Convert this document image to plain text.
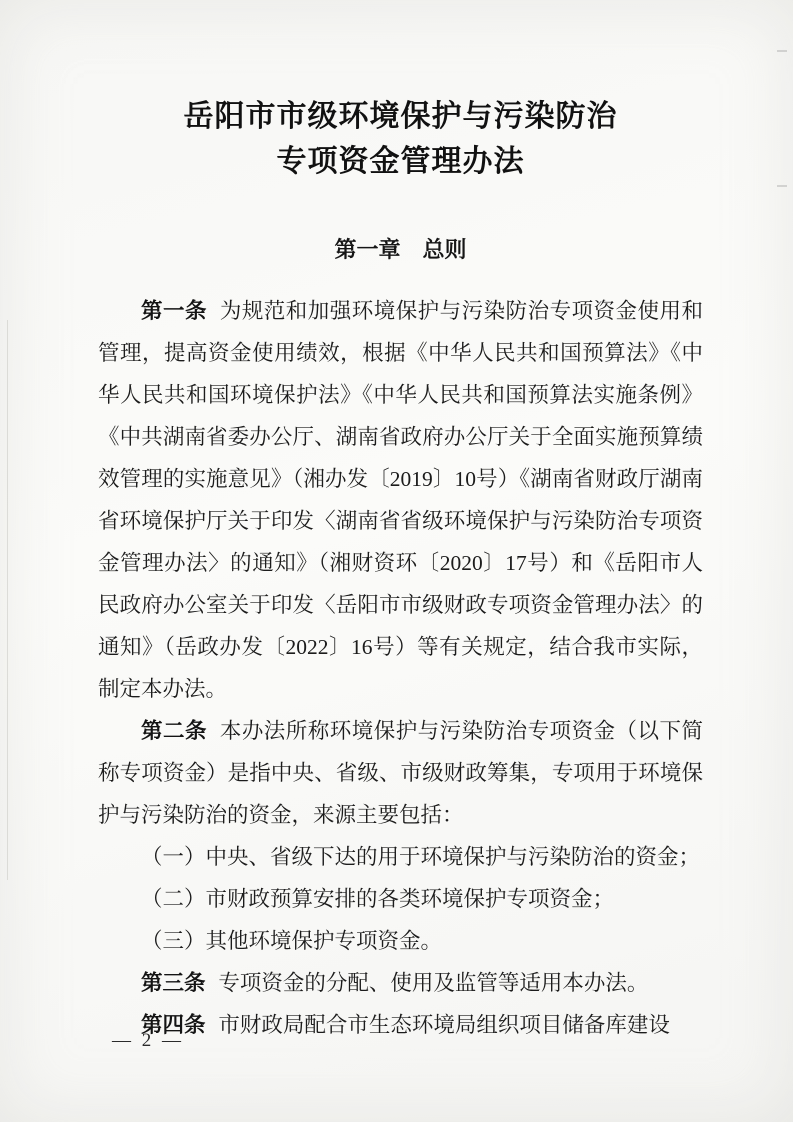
岳阳市市级环境保护与污染防治
专项资金管理办法
第一章　总则

第一条 为规范和加强环境保护与污染防治专项资金使用和管理，提高资金使用绩效，根据《中华人民共和国预算法》《中华人民共和国环境保护法》《中华人民共和国预算法实施条例》《中共湖南省委办公厅、湖南省政府办公厅关于全面实施预算绩效管理的实施意见》（湘办发〔2019〕10号）《湖南省财政厅湖南省环境保护厅关于印发〈湖南省省级环境保护与污染防治专项资金管理办法〉的通知》（湘财资环〔2020〕17号）和《岳阳市人民政府办公室关于印发〈岳阳市市级财政专项资金管理办法〉的通知》（岳政办发〔2022〕16号）等有关规定，结合我市实际，制定本办法。

第二条 本办法所称环境保护与污染防治专项资金（以下简称专项资金）是指中央、省级、市级财政筹集，专项用于环境保护与污染防治的资金，来源主要包括：

（一）中央、省级下达的用于环境保护与污染防治的资金；

（二）市财政预算安排的各类环境保护专项资金；

（三）其他环境保护专项资金。

第三条 专项资金的分配、使用及监管等适用本办法。

第四条 市财政局配合市生态环境局组织项目储备库建设

— 2 —
